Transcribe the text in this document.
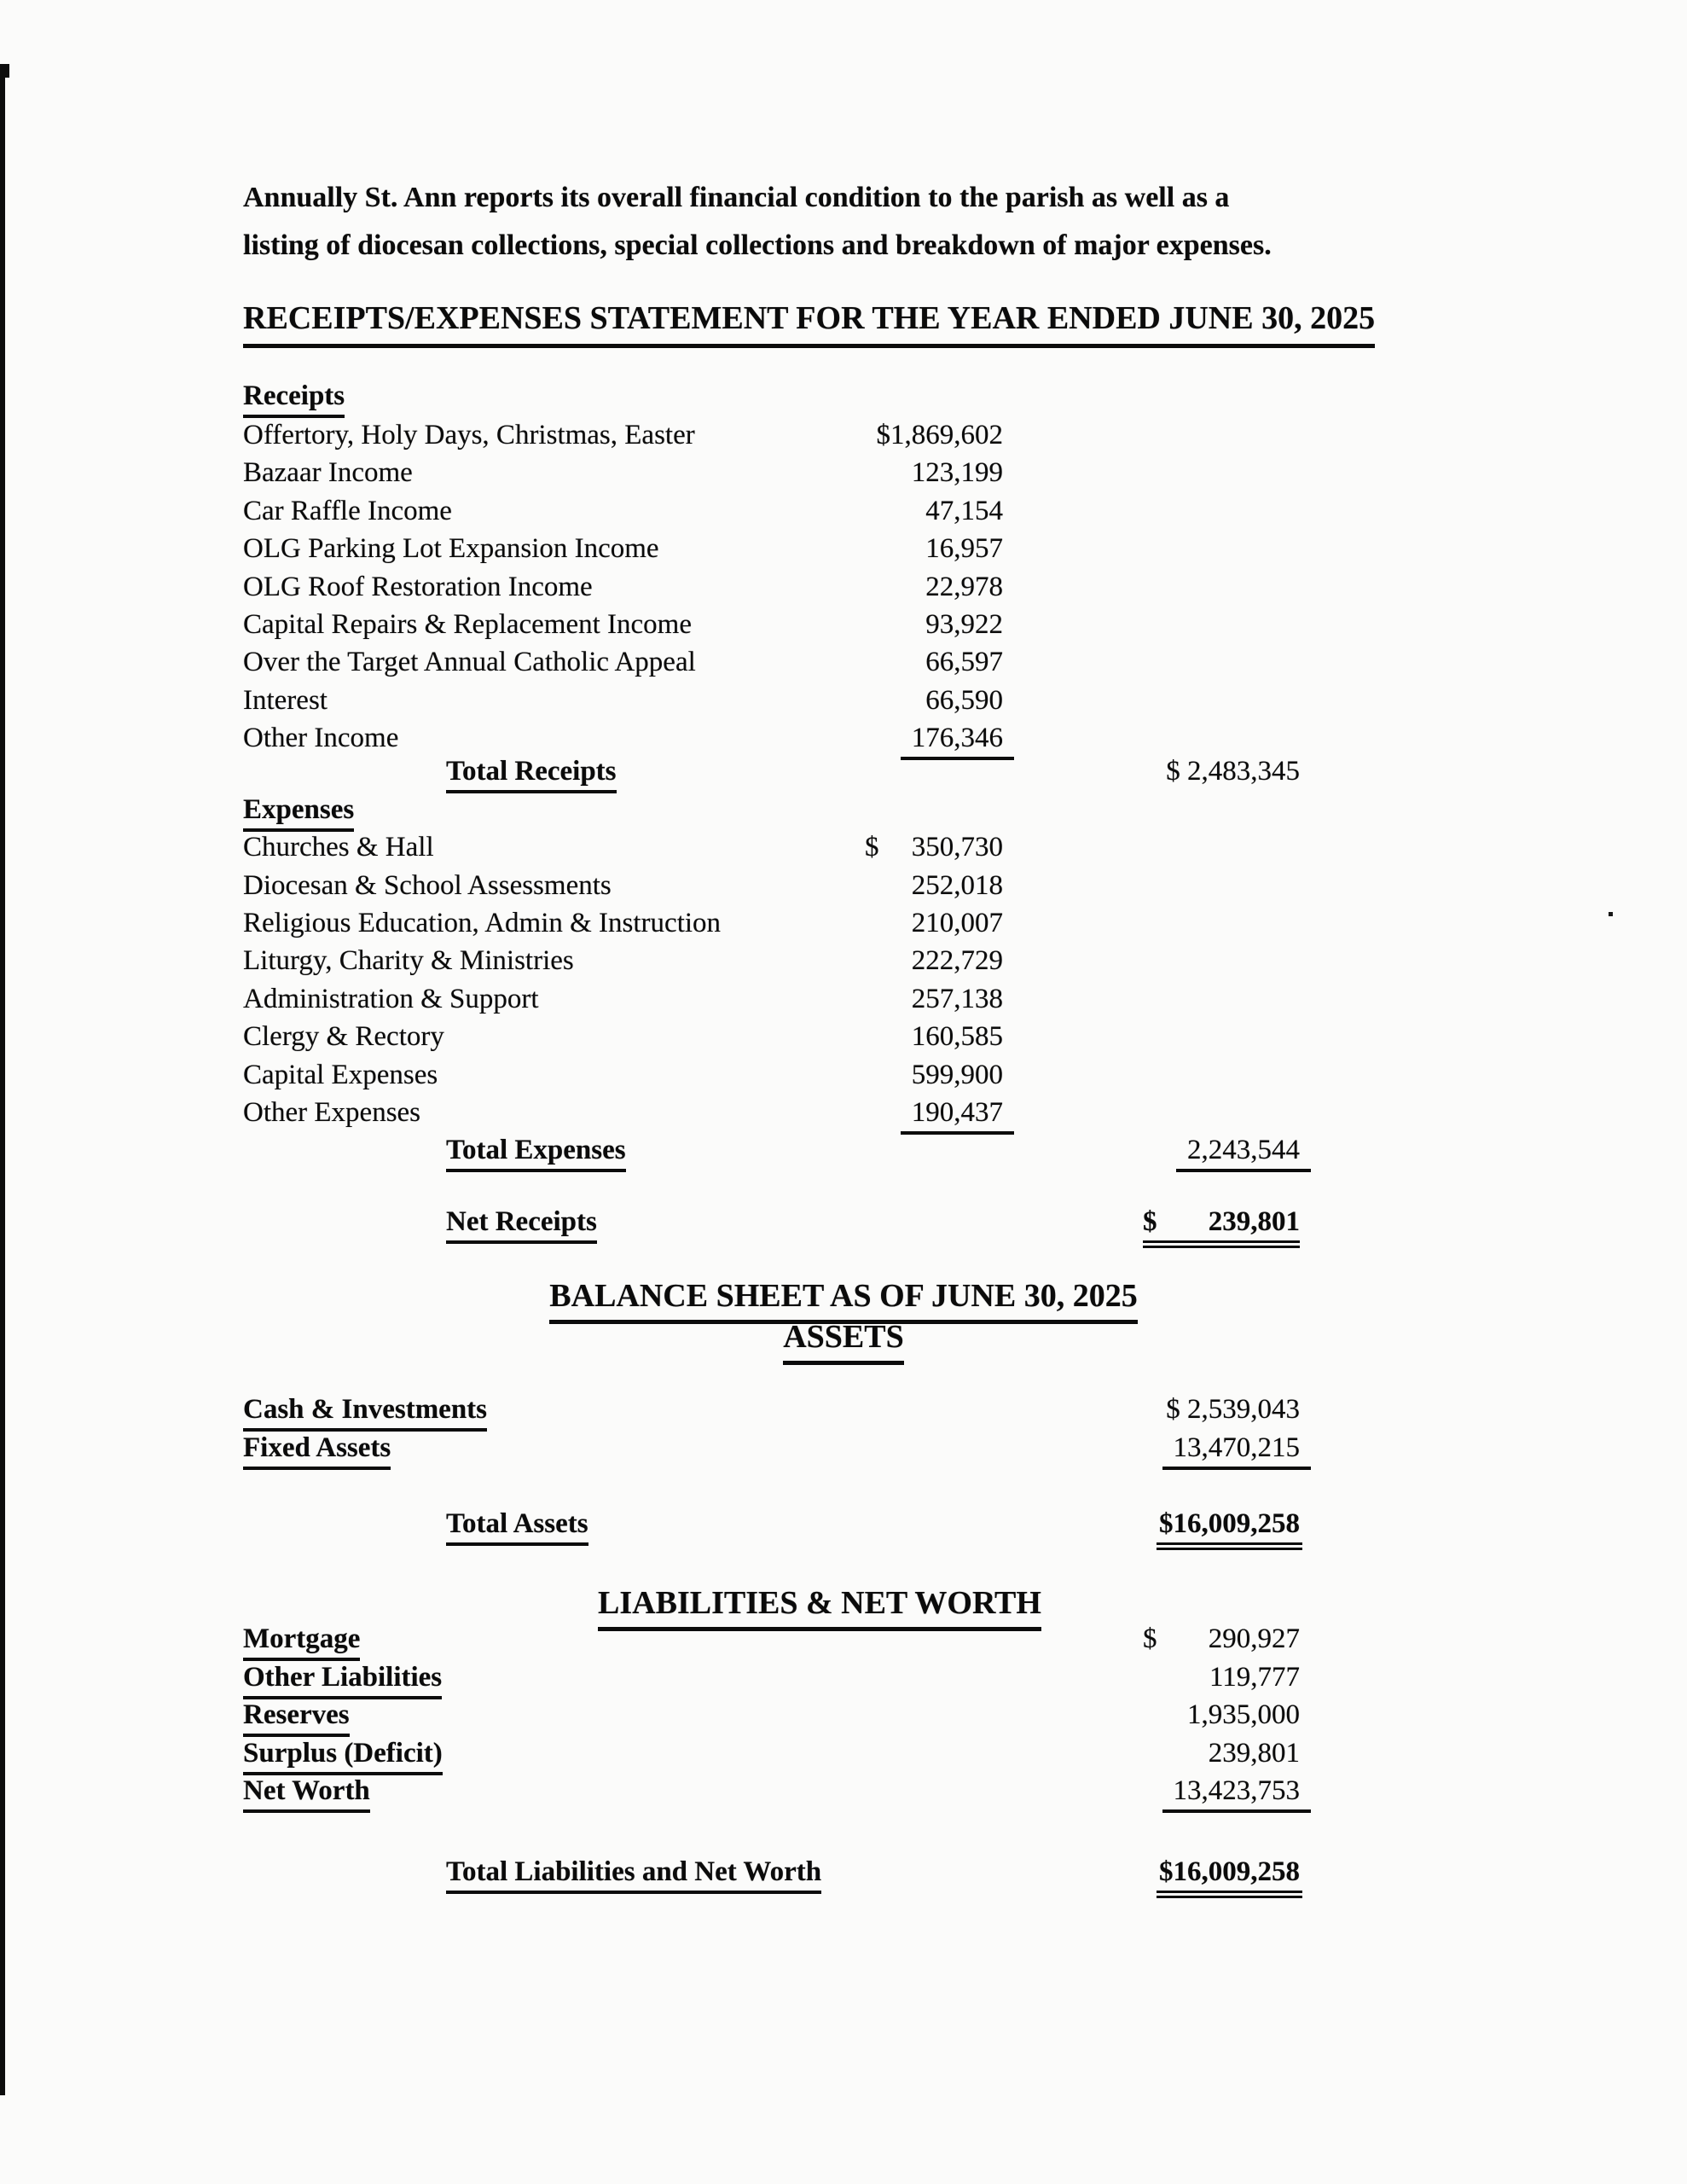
Annually St. Ann reports its overall financial condition to the parish as well as a
listing of diocesan collections, special collections and breakdown of major expenses.
RECEIPTS/EXPENSES STATEMENT FOR THE YEAR ENDED JUNE 30, 2025
Receipts
Offertory, Holy Days, Christmas, Easter	$1,869,602
Bazaar Income	123,199
Car Raffle Income	47,154
OLG Parking Lot Expansion Income	16,957
OLG Roof Restoration Income	22,978
Capital Repairs & Replacement Income	93,922
Over the Target Annual Catholic Appeal	66,597
Interest	66,590
Other Income	176,346
Total Receipts	$ 2,483,345
Expenses
Churches & Hall	$ 350,730
Diocesan & School Assessments	252,018
Religious Education, Admin & Instruction	210,007
Liturgy, Charity & Ministries	222,729
Administration & Support	257,138
Clergy & Rectory	160,585
Capital Expenses	599,900
Other Expenses	190,437
Total Expenses	2,243,544
Net Receipts	$ 239,801
BALANCE SHEET AS OF JUNE 30, 2025
ASSETS
Cash & Investments	$ 2,539,043
Fixed Assets	13,470,215
Total Assets	$16,009,258
LIABILITIES & NET WORTH
Mortgage	$ 290,927
Other Liabilities	119,777
Reserves	1,935,000
Surplus (Deficit)	239,801
Net Worth	13,423,753
Total Liabilities and Net Worth	$16,009,258
